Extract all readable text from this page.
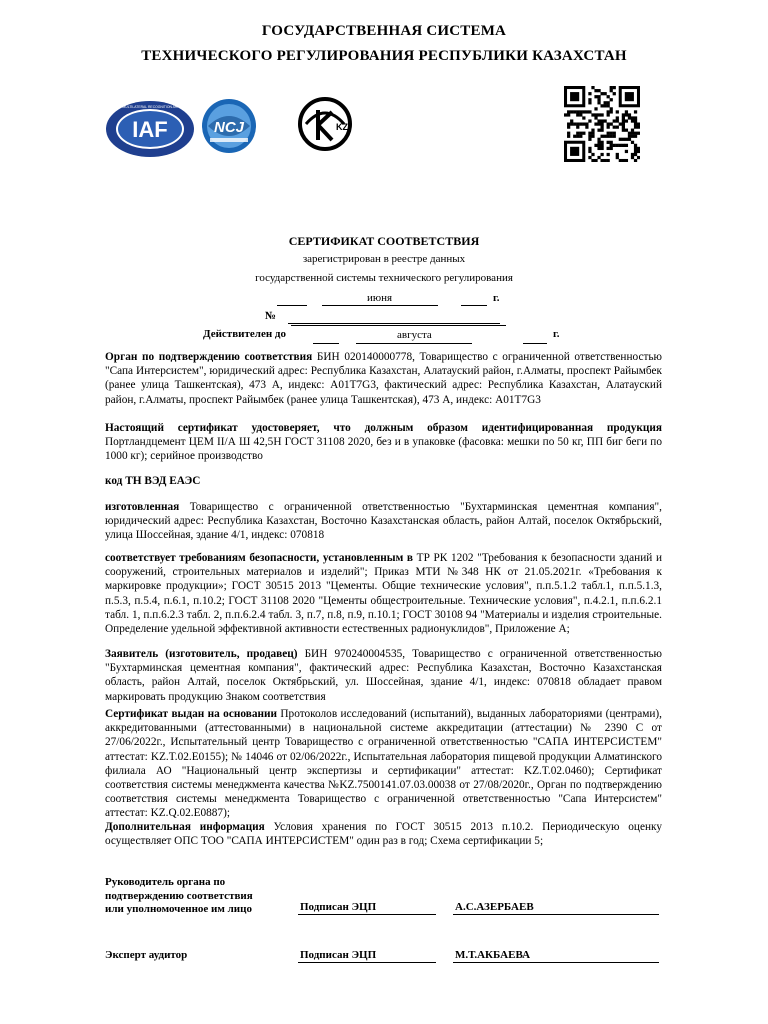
ГОСУДАРСТВЕННАЯ СИСТЕМА
ТЕХНИЧЕСКОГО РЕГУЛИРОВАНИЯ РЕСПУБЛИКИ КАЗАХСТАН
IAF
MEMBER OF MULTILATERAL RECOGNITION ARRANGEMENT
NCJ	KZ
СЕРТИФИКАТ СООТВЕТСТВИЯ
зарегистрирован в реестре данных
государственной системы технического регулирования
июня	г.
№
Действителен до	августа	г.
Орган по подтверждению соответствия БИН 020140000778, Товарищество с ограниченной ответственностью "Сапа Интерсистем", юридический адрес: Республика Казахстан, Алатауский район, г.Алматы, проспект Райымбек (ранее улица Ташкентская), 473 А, индекс: A01T7G3, фактический адрес: Республика Казахстан, Алатауский район, г.Алматы, проспект Райымбек (ранее улица Ташкентская), 473 А, индекс: A01T7G3
Настоящий сертификат удостоверяет, что должным образом идентифицированная продукция Портландцемент ЦЕМ II/А Ш 42,5Н ГОСТ 31108 2020, без и в упаковке (фасовка: мешки по 50 кг, ПП биг беги по 1000 кг); серийное производство
код ТН ВЭД ЕАЭС
изготовленная Товарищество с ограниченной ответственностью "Бухтарминская цементная компания", юридический адрес: Республика Казахстан, Восточно Казахстанская область, район Алтай, поселок Октябрьский, улица Шоссейная, здание 4/1, индекс: 070818
соответствует требованиям безопасности, установленным в ТР РК 1202 "Требования к безопасности зданий и сооружений, строительных материалов и изделий"; Приказ МТИ №348 НК от 21.05.2021г. «Требования к маркировке продукции»; ГОСТ 30515 2013 "Цементы. Общие технические условия", п.п.5.1.2 табл.1, п.п.5.1.3, п.5.3, п.5.4, п.6.1, п.10.2; ГОСТ 31108 2020 "Цементы общестроительные. Технические условия", п.4.2.1, п.п.6.2.1 табл. 1, п.п.6.2.3 табл. 2, п.п.6.2.4 табл. 3, п.7, п.8, п.9, п.10.1; ГОСТ 30108 94 "Материалы и изделия строительные. Определение удельной эффективной активности естественных радионуклидов", Приложение А;
Заявитель (изготовитель, продавец) БИН 970240004535, Товарищество с ограниченной ответственностью "Бухтарминская цементная компания", фактический адрес: Республика Казахстан, Восточно Казахстанская область, район Алтай, поселок Октябрьский, ул. Шоссейная, здание 4/1, индекс: 070818 обладает правом маркировать продукцию Знаком соответствия
Сертификат выдан на основании Протоколов исследований (испытаний), выданных лабораториями (центрами), аккредитованными (аттестованными) в национальной системе аккредитации (аттестации) № 2390 С от 27/06/2022г., Испытательный центр Товарищество с ограниченной ответственностью "САПА ИНТЕРСИСТЕМ" аттестат: KZ.T.02.E0155); № 14046 от 02/06/2022г., Испытательная лаборатория пищевой продукции Алматинского филиала АО "Национальный центр экспертизы и сертификации" аттестат: KZ.T.02.0460); Сертификат соответствия системы менеджмента качества №KZ.7500141.07.03.00038 от 27/08/2020г., Орган по подтверждению соответствия системы менеджмента Товарищество с ограниченной ответственностью "Сапа Интерсистем" аттестат: KZ.Q.02.E0887);
Дополнительная информация Условия хранения по ГОСТ 30515 2013 п.10.2. Периодическую оценку осуществляет ОПС ТОО "САПА ИНТЕРСИСТЕМ" один раз в год; Схема сертификации 5;
Руководитель органа по
подтверждению соответствия
или уполномоченное им лицо	Подписан ЭЦП	А.С.АЗЕРБАЕВ
Эксперт аудитор	Подписан ЭЦП	М.Т.АКБАЕВА
